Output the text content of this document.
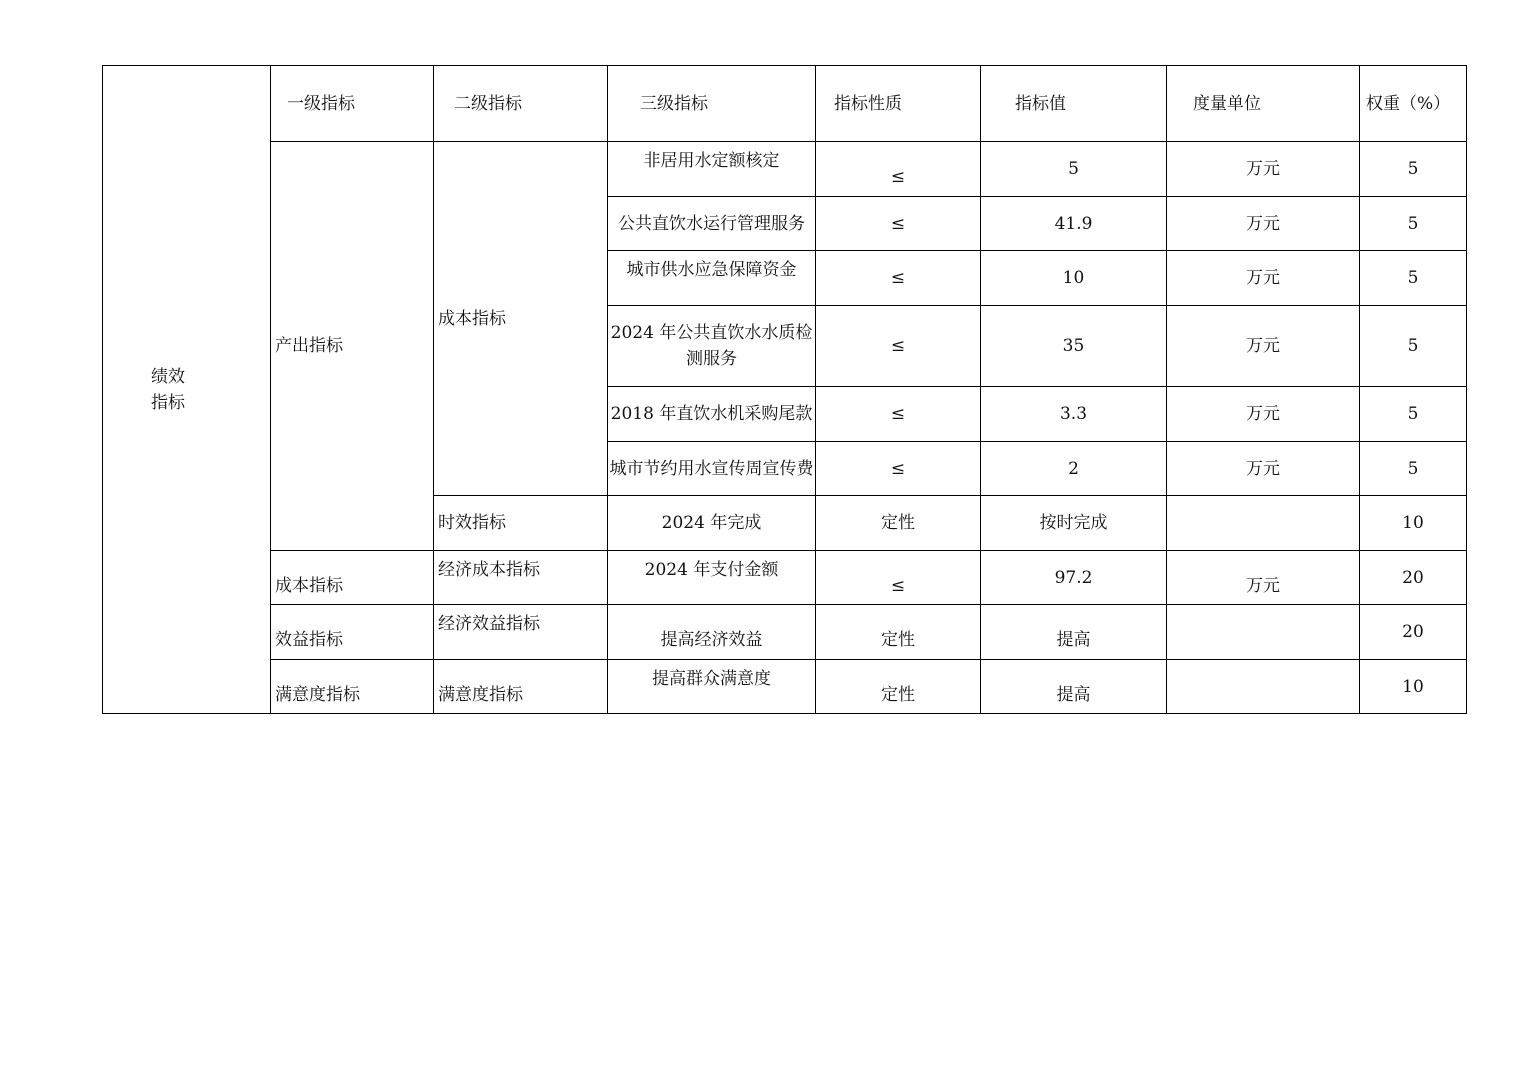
绩效
指标	一级指标	二级指标	三级指标	指标性质	指标值	度量单位	权重（%）
	产出指标	成本指标	非居用水定额核定	≤	5	万元	5
			公共直饮水运行管理服务	≤	41.9	万元	5
			城市供水应急保障资金	≤	10	万元	5
			2024 年公共直饮水水质检测服务	≤	35	万元	5
			2018 年直饮水机采购尾款	≤	3.3	万元	5
			城市节约用水宣传周宣传费	≤	2	万元	5
		时效指标	2024 年完成	定性	按时完成		10
	成本指标	经济成本指标	2024 年支付金额	≤	97.2	万元	20
	效益指标	经济效益指标	提高经济效益	定性	提高		20
	满意度指标	满意度指标	提高群众满意度	定性	提高		10
